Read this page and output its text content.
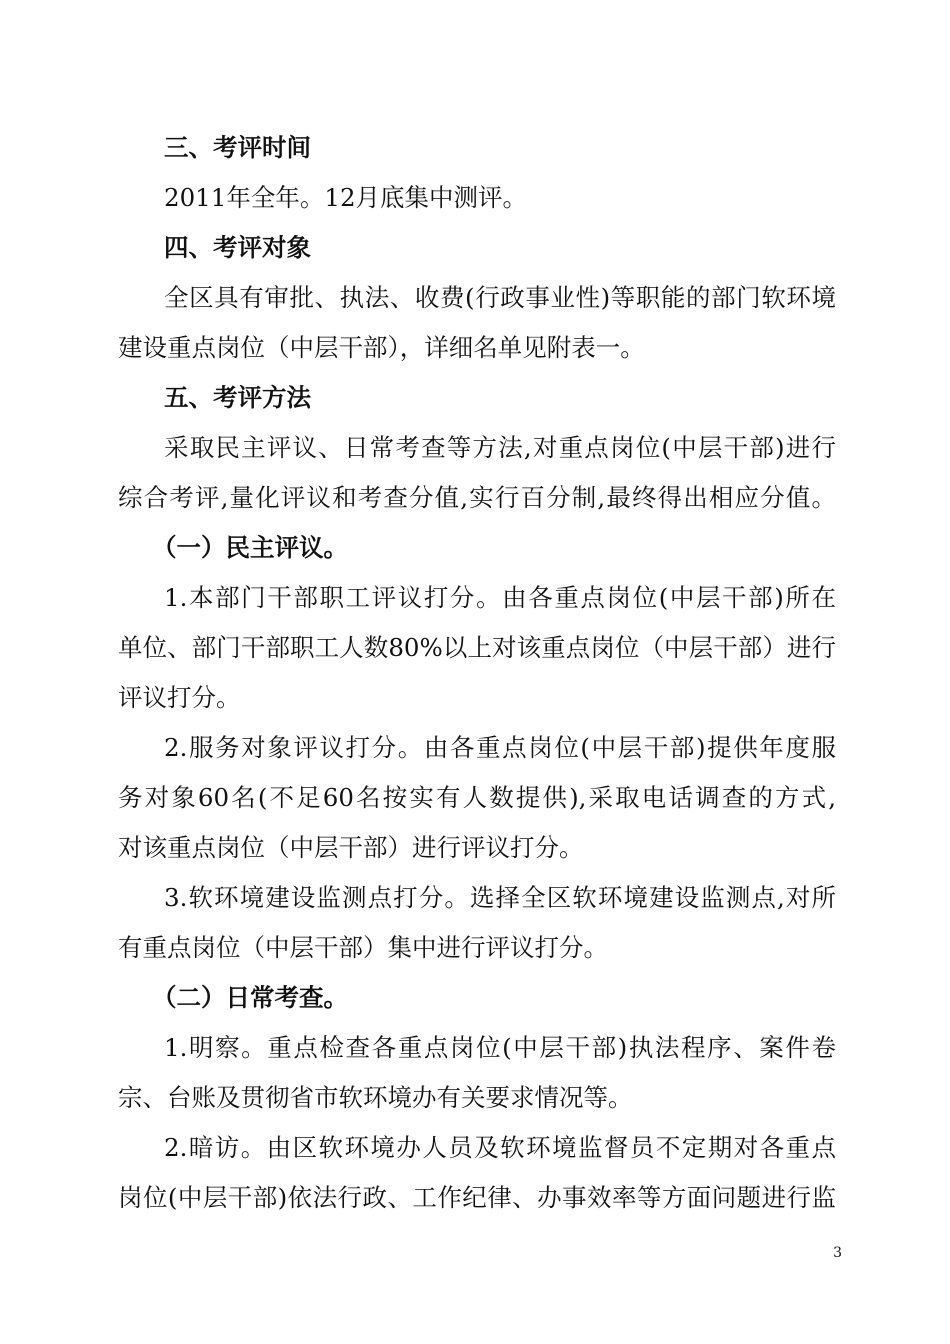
三、考评时间
2011年全年。12月底集中测评。
四、考评对象
全区具有审批、执法、收费(行政事业性)等职能的部门软环境
建设重点岗位（中层干部），详细名单见附表一。
五、考评方法
采取民主评议、日常考查等方法,对重点岗位(中层干部)进行
综合考评,量化评议和考查分值,实行百分制,最终得出相应分值。
（一）民主评议。
1.本部门干部职工评议打分。由各重点岗位(中层干部)所在
单位、部门干部职工人数80%以上对该重点岗位（中层干部）进行
评议打分。
2.服务对象评议打分。由各重点岗位(中层干部)提供年度服
务对象60名(不足60名按实有人数提供),采取电话调查的方式,
对该重点岗位（中层干部）进行评议打分。
3.软环境建设监测点打分。选择全区软环境建设监测点,对所
有重点岗位（中层干部）集中进行评议打分。
（二）日常考查。
1.明察。重点检查各重点岗位(中层干部)执法程序、案件卷
宗、台账及贯彻省市软环境办有关要求情况等。
2.暗访。由区软环境办人员及软环境监督员不定期对各重点
岗位(中层干部)依法行政、工作纪律、办事效率等方面问题进行监
3
